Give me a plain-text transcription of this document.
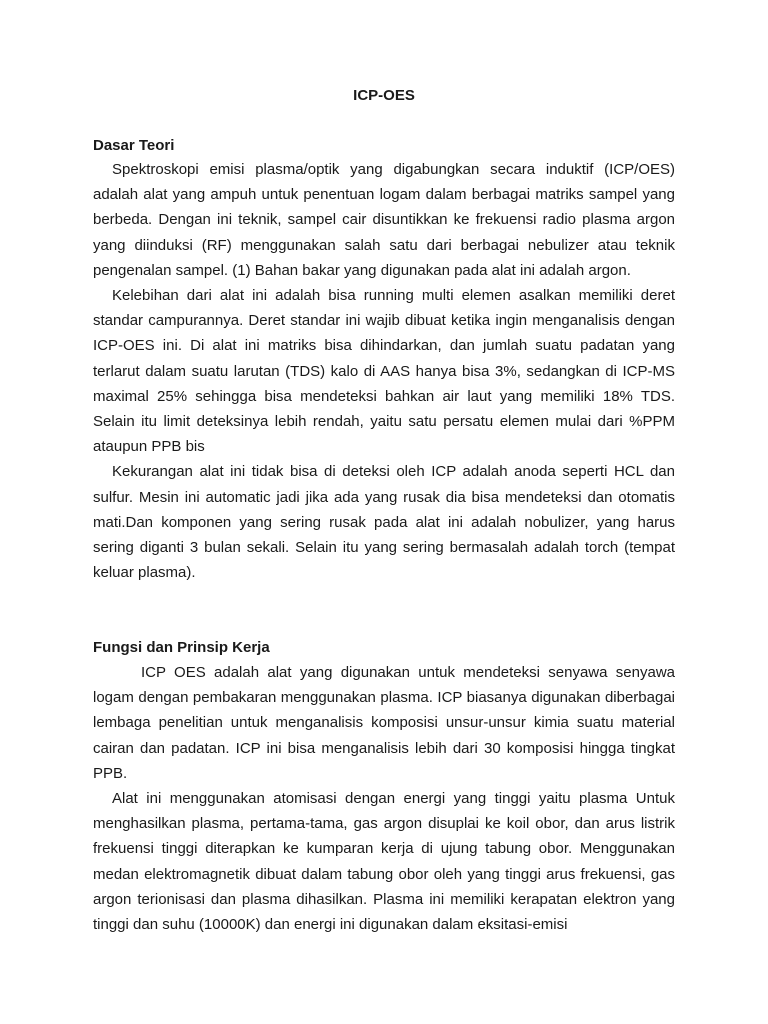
ICP-OES
Dasar Teori

Spektroskopi emisi plasma/optik yang digabungkan secara induktif (ICP/OES) adalah alat yang ampuh untuk penentuan logam dalam berbagai matriks sampel yang berbeda. Dengan ini teknik, sampel cair disuntikkan ke frekuensi radio plasma argon yang diinduksi (RF) menggunakan salah satu dari berbagai nebulizer atau teknik pengenalan sampel. (1) Bahan bakar yang digunakan pada alat ini adalah argon.

Kelebihan dari alat ini adalah bisa running multi elemen asalkan memiliki deret standar campurannya. Deret standar ini wajib dibuat ketika ingin menganalisis dengan ICP-OES ini. Di alat ini matriks bisa dihindarkan, dan jumlah suatu padatan yang terlarut dalam suatu larutan (TDS) kalo di AAS hanya bisa 3%, sedangkan di ICP-MS maximal 25% sehingga bisa mendeteksi bahkan air laut yang memiliki 18% TDS. Selain itu limit deteksinya lebih rendah, yaitu satu persatu elemen mulai dari %PPM ataupun PPB bis

Kekurangan alat ini tidak bisa di deteksi oleh ICP adalah anoda seperti HCL dan sulfur. Mesin ini automatic jadi jika ada yang rusak dia bisa mendeteksi dan otomatis mati.Dan komponen yang sering rusak pada alat ini adalah nobulizer, yang harus sering diganti 3 bulan sekali. Selain itu yang sering bermasalah adalah torch (tempat keluar plasma).

Fungsi dan Prinsip Kerja

ICP OES adalah alat yang digunakan untuk mendeteksi senyawa senyawa logam dengan pembakaran menggunakan plasma. ICP biasanya digunakan diberbagai lembaga penelitian untuk menganalisis komposisi unsur-unsur kimia suatu material cairan dan padatan. ICP ini bisa menganalisis lebih dari 30 komposisi hingga tingkat PPB.

Alat ini menggunakan atomisasi dengan energi yang tinggi yaitu plasma Untuk menghasilkan plasma, pertama-tama, gas argon disuplai ke koil obor, dan arus listrik frekuensi tinggi diterapkan ke kumparan kerja di ujung tabung obor. Menggunakan medan elektromagnetik dibuat dalam tabung obor oleh yang tinggi arus frekuensi, gas argon terionisasi dan plasma dihasilkan. Plasma ini memiliki kerapatan elektron yang tinggi dan suhu (10000K) dan energi ini digunakan dalam eksitasi-emisi
